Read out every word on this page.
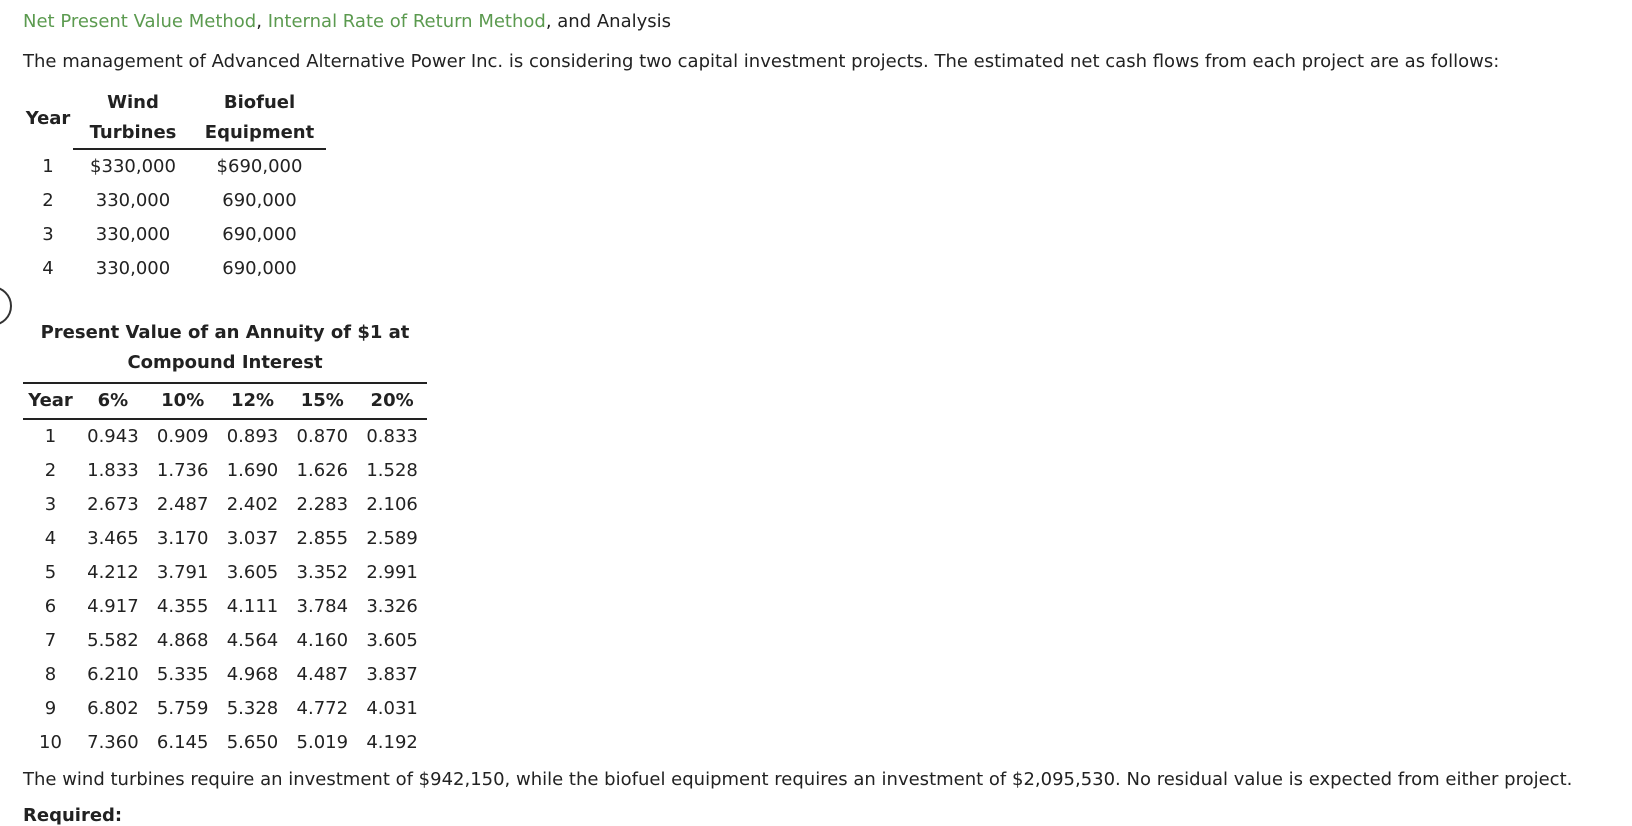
Net Present Value Method, Internal Rate of Return Method, and Analysis
The management of Advanced Alternative Power Inc. is considering two capital investment projects. The estimated net cash flows from each project are as follows:
Year	Wind	Biofuel
	Turbines	Equipment
1	$330,000	$690,000
2	330,000	690,000
3	330,000	690,000
4	330,000	690,000
Present Value of an Annuity of $1 at
Compound Interest
Year	6%	10%	12%	15%	20%
1	0.943	0.909	0.893	0.870	0.833
2	1.833	1.736	1.690	1.626	1.528
3	2.673	2.487	2.402	2.283	2.106
4	3.465	3.170	3.037	2.855	2.589
5	4.212	3.791	3.605	3.352	2.991
6	4.917	4.355	4.111	3.784	3.326
7	5.582	4.868	4.564	4.160	3.605
8	6.210	5.335	4.968	4.487	3.837
9	6.802	5.759	5.328	4.772	4.031
10	7.360	6.145	5.650	5.019	4.192
The wind turbines require an investment of $942,150, while the biofuel equipment requires an investment of $2,095,530. No residual value is expected from either project.
Required:
